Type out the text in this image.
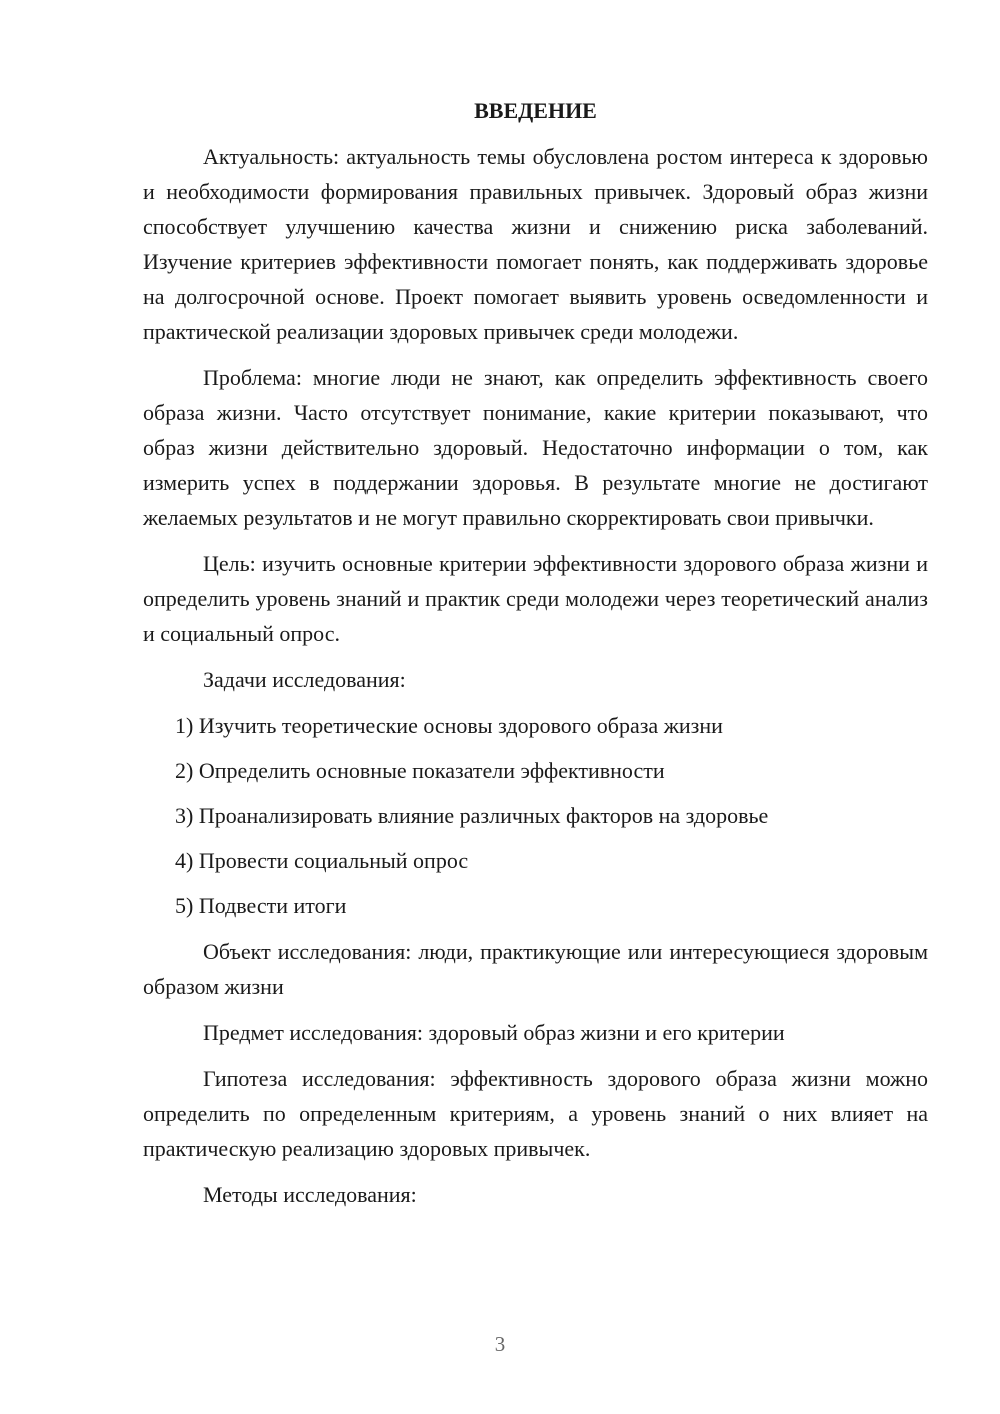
ВВЕДЕНИЕ

Актуальность: актуальность темы обусловлена ростом интереса к здоровью и необходимости формирования правильных привычек. Здоровый образ жизни способствует улучшению качества жизни и снижению риска заболеваний. Изучение критериев эффективности помогает понять, как поддерживать здоровье на долгосрочной основе. Проект помогает выявить уровень осведомленности и практической реализации здоровых привычек среди молодежи.

Проблема: многие люди не знают, как определить эффективность своего образа жизни. Часто отсутствует понимание, какие критерии показывают, что образ жизни действительно здоровый. Недостаточно информации о том, как измерить успех в поддержании здоровья. В результате многие не достигают желаемых результатов и не могут правильно скорректировать свои привычки.

Цель: изучить основные критерии эффективности здорового образа жизни и определить уровень знаний и практик среди молодежи через теоретический анализ и социальный опрос.

Задачи исследования:

1) Изучить теоретические основы здорового образа жизни
2) Определить основные показатели эффективности
3) Проанализировать влияние различных факторов на здоровье
4) Провести социальный опрос
5) Подвести итоги

Объект исследования: люди, практикующие или интересующиеся здоровым образом жизни

Предмет исследования: здоровый образ жизни и его критерии

Гипотеза исследования: эффективность здорового образа жизни можно определить по определенным критериям, а уровень знаний о них влияет на практическую реализацию здоровых привычек.

Методы исследования:

3
